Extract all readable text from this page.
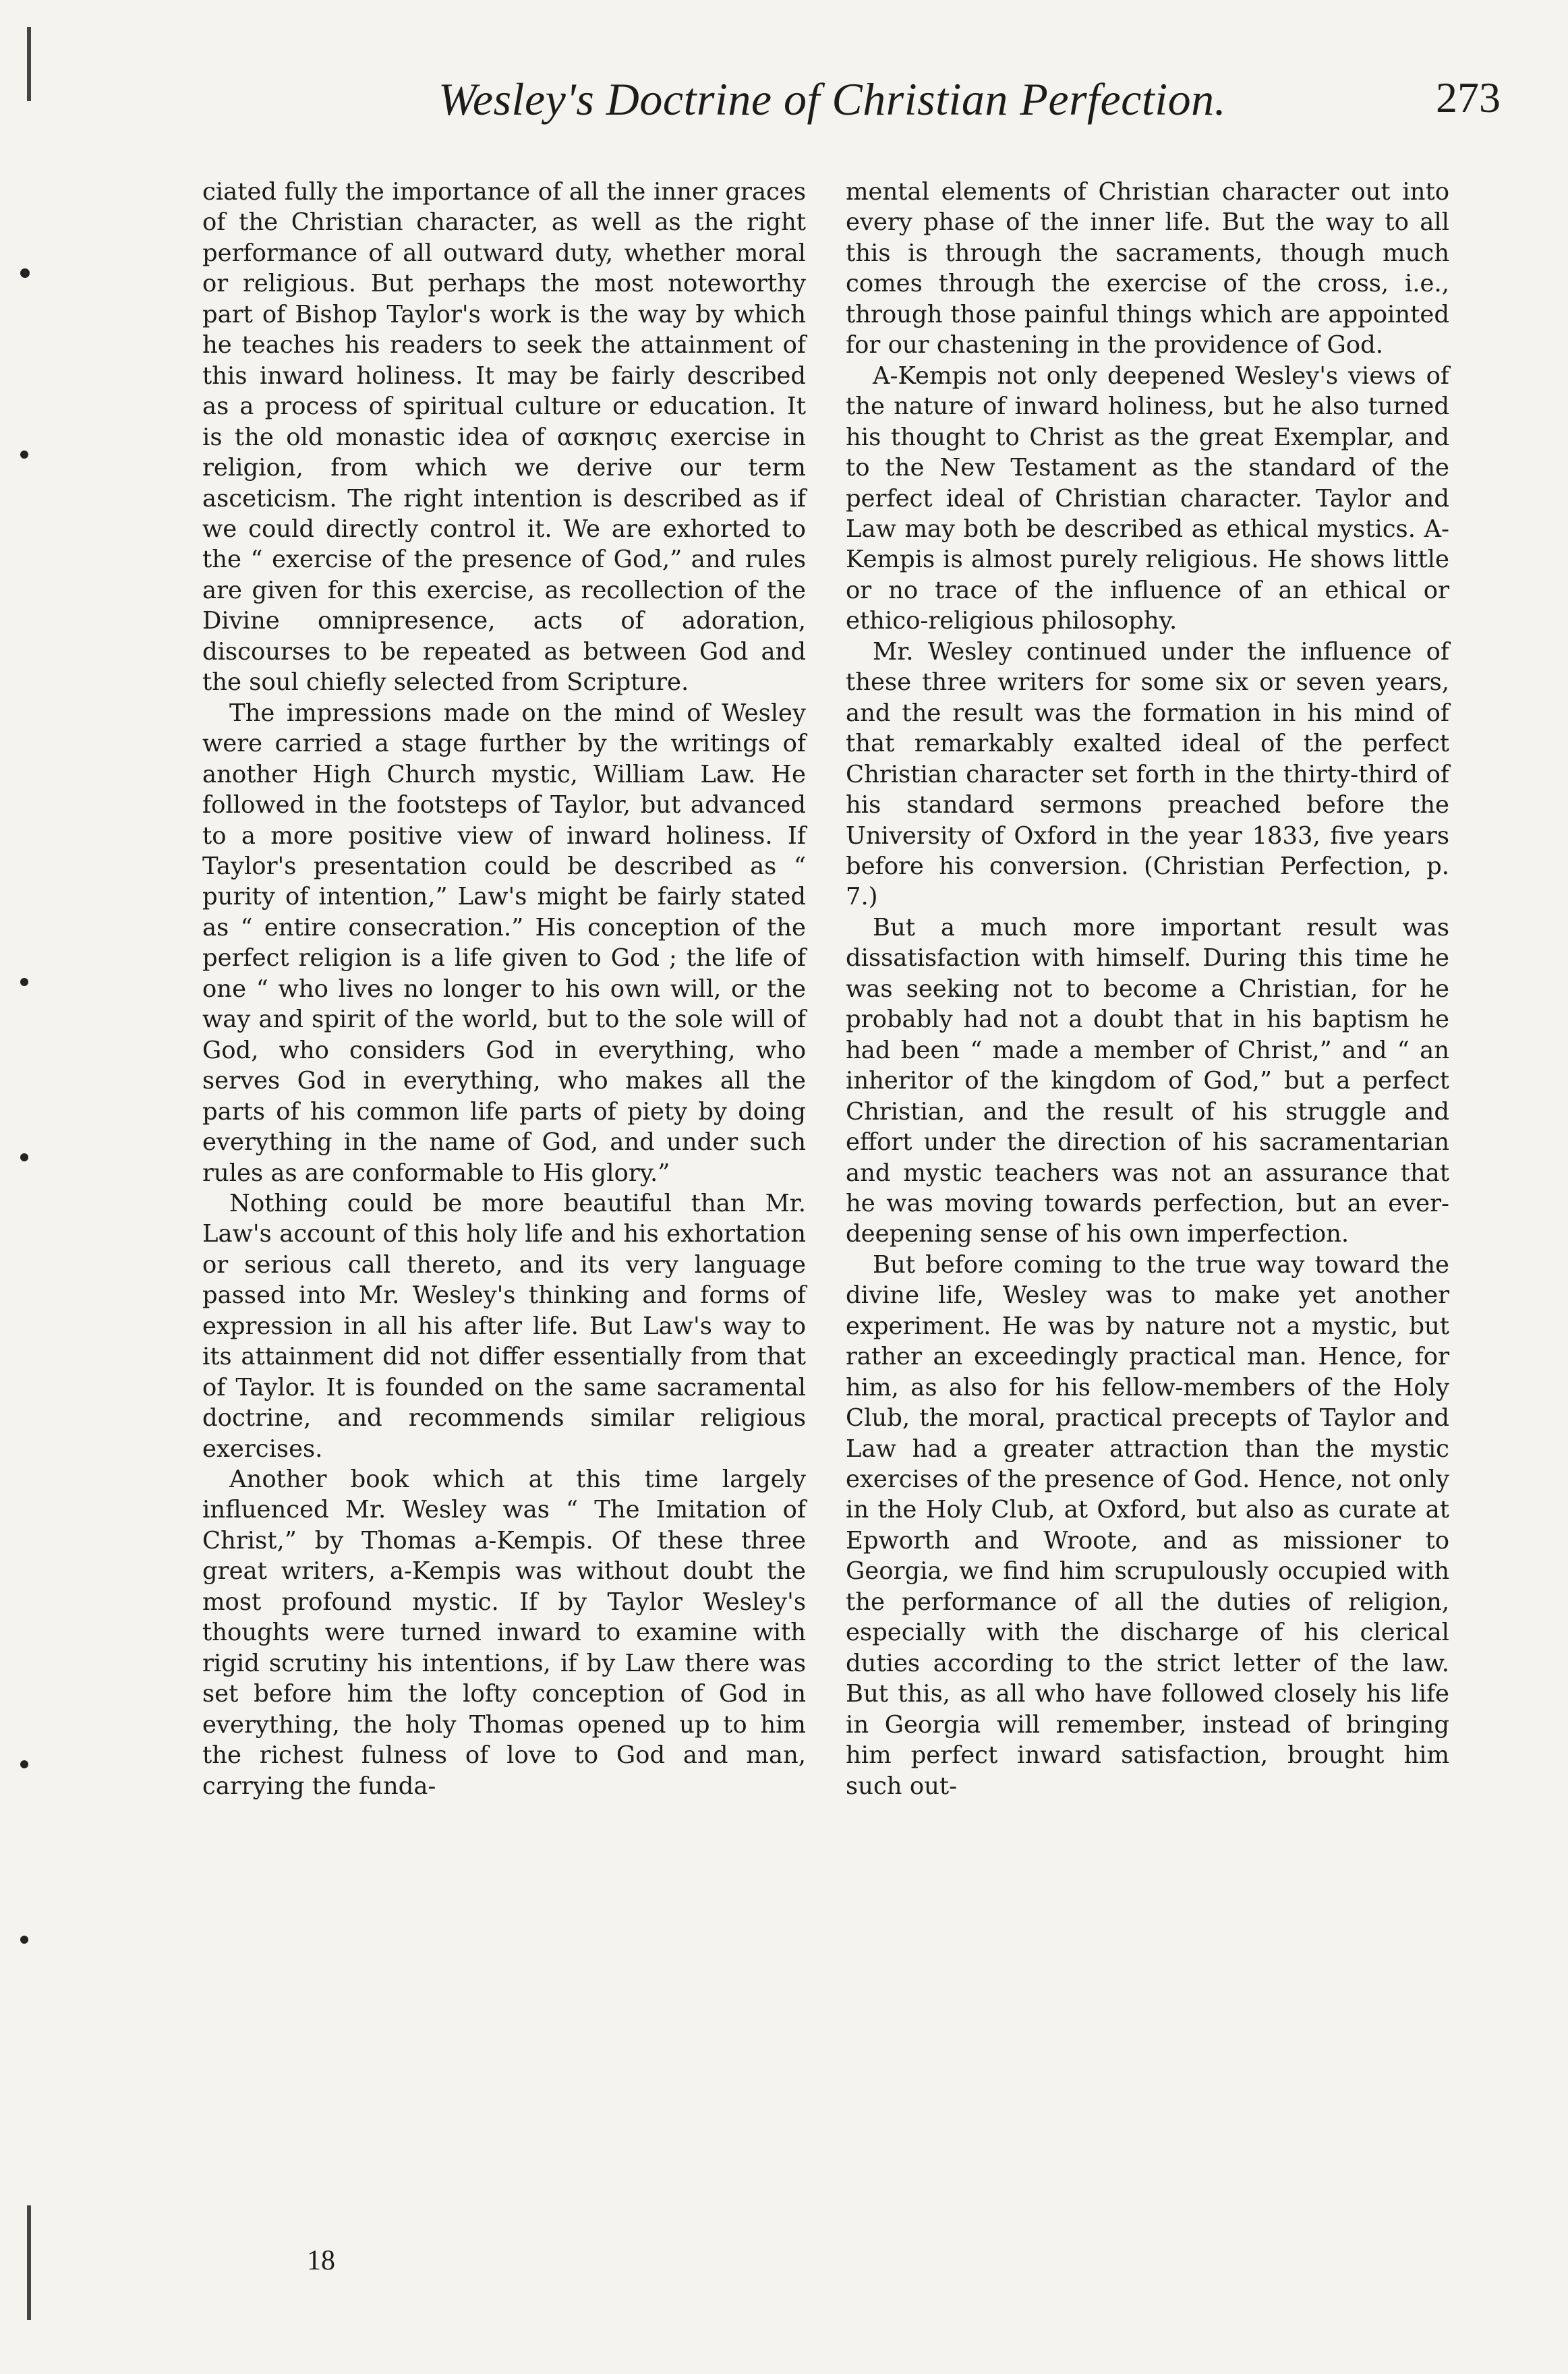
Wesley's Doctrine of Christian Perfection.	273

ciated fully the importance of all the inner graces of the Christian character, as well as the right performance of all outward duty, whether moral or religious. But perhaps the most noteworthy part of Bishop Taylor's work is the way by which he teaches his readers to seek the attainment of this inward holiness. It may be fairly described as a process of spiritual culture or education. It is the old monastic idea of ασκησις exercise in religion, from which we derive our term asceticism. The right intention is described as if we could directly control it. We are exhorted to the “ exercise of the presence of God,” and rules are given for this exercise, as recollection of the Divine omnipresence, acts of adoration, discourses to be repeated as between God and the soul chiefly selected from Scripture.

The impressions made on the mind of Wesley were carried a stage further by the writings of another High Church mystic, William Law. He followed in the footsteps of Taylor, but advanced to a more positive view of inward holiness. If Taylor's presentation could be described as “ purity of intention,” Law's might be fairly stated as “ entire consecration.” His conception of the perfect religion is a life given to God ; the life of one “ who lives no longer to his own will, or the way and spirit of the world, but to the sole will of God, who considers God in everything, who serves God in everything, who makes all the parts of his common life parts of piety by doing everything in the name of God, and under such rules as are conformable to His glory.”

Nothing could be more beautiful than Mr. Law's account of this holy life and his exhortation or serious call thereto, and its very language passed into Mr. Wesley's thinking and forms of expression in all his after life. But Law's way to its attainment did not differ essentially from that of Taylor. It is founded on the same sacramental doctrine, and recommends similar religious exercises.

Another book which at this time largely influenced Mr. Wesley was “ The Imitation of Christ,” by Thomas a-Kempis. Of these three great writers, a-Kempis was without doubt the most profound mystic. If by Taylor Wesley's thoughts were turned inward to examine with rigid scrutiny his intentions, if by Law there was set before him the lofty conception of God in everything, the holy Thomas opened up to him the richest fulness of love to God and man, carrying the funda-

mental elements of Christian character out into every phase of the inner life. But the way to all this is through the sacraments, though much comes through the exercise of the cross, i.e., through those painful things which are appointed for our chastening in the providence of God.

A-Kempis not only deepened Wesley's views of the nature of inward holiness, but he also turned his thought to Christ as the great Exemplar, and to the New Testament as the standard of the perfect ideal of Christian character. Taylor and Law may both be described as ethical mystics. A-Kempis is almost purely religious. He shows little or no trace of the influence of an ethical or ethico-religious philosophy.

Mr. Wesley continued under the influence of these three writers for some six or seven years, and the result was the formation in his mind of that remarkably exalted ideal of the perfect Christian character set forth in the thirty-third of his standard sermons preached before the University of Oxford in the year 1833, five years before his conversion. (Christian Perfection, p. 7.)

But a much more important result was dissatisfaction with himself. During this time he was seeking not to become a Christian, for he probably had not a doubt that in his baptism he had been “ made a member of Christ,” and “ an inheritor of the kingdom of God,” but a perfect Christian, and the result of his struggle and effort under the direction of his sacramentarian and mystic teachers was not an assurance that he was moving towards perfection, but an ever-deepening sense of his own imperfection.

But before coming to the true way toward the divine life, Wesley was to make yet another experiment. He was by nature not a mystic, but rather an exceedingly practical man. Hence, for him, as also for his fellow-members of the Holy Club, the moral, practical precepts of Taylor and Law had a greater attraction than the mystic exercises of the presence of God. Hence, not only in the Holy Club, at Oxford, but also as curate at Epworth and Wroote, and as missioner to Georgia, we find him scrupulously occupied with the performance of all the duties of religion, especially with the discharge of his clerical duties according to the strict letter of the law. But this, as all who have followed closely his life in Georgia will remember, instead of bringing him perfect inward satisfaction, brought him such out-

18
